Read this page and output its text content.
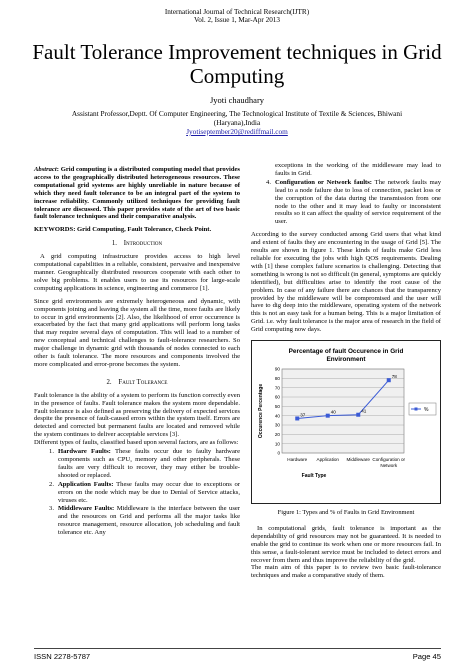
International Journal of Technical Research(IJTR)
Vol. 2, Issue 1, Mar-Apr 2013
Fault Tolerance Improvement techniques in Grid
Computing
Jyoti chaudhary
Assistant Professor,Deptt. Of Computer Engineering, The Technological Institute of Textile & Sciences, Bhiwani (Haryana),India
Jyotiseptember20@rediffmail.com

Abstract: Grid computing is a distributed computing model that provides access to the geographically distributed heterogeneous resources. These computational grid systems are highly unreliable in nature because of which they need fault tolerance to be an integral part of the system to increase reliability. Commonly utilized techniques for providing fault tolerance are discussed. This paper provides state of the art of two basic fault tolerance techniques and their comparative analysis.

KEYWORDS: Grid Computing, Fault Tolerance, Check Point.

1. Introduction

A grid computing infrastructure provides access to high level computational capabilities in a reliable, consistent, pervasive and inexpensive manner. Geographically distributed resources cooperate with each other to solve big problems. It enables users to use its resources for large-scale computing applications in science, engineering and commerce [1].

Since grid environments are extremely heterogeneous and dynamic, with components joining and leaving the system all the time, more faults are likely to occur in grid environments [2]. Also, the likelihood of error occurrence is exacerbated by the fact that many grid applications will perform long tasks that may require several days of computation. This will lead to a number of new conceptual and technical challenges to fault-tolerance researchers. So major challenge in dynamic grid with thousands of nodes connected to each other is fault tolerance. The more resources and components involved the more complicated and error-prone becomes the system.

2. Fault Tolerance

Fault tolerance is the ability of a system to perform its function correctly even in the presence of faults. Fault tolerance makes the system more dependable. Fault tolerance is also defined as preserving the delivery of expected services despite the presence of fault-caused errors within the system itself. Errors are detected and corrected but permanent faults are located and removed while the system continues to deliver acceptable services [3].

Different types of faults, classified based upon several factors, are as follows:

1. Hardware Faults: These faults occur due to faulty hardware components such as CPU, memory and other peripherals. These faults are very difficult to recover, they may either be trouble-shooted or replaced.
2. Application Faults: These faults may occur due to exceptions or errors on the node which may be due to Denial of Service attacks, viruses etc.
3. Middleware Faults: Middleware is the interface between the user and the resources on Grid and performs all the major tasks like resource management, resource allocation, job scheduling and fault tolerance etc. Any
exceptions in the working of the middleware may lead to faults in Grid.
4. Configuration or Network faults: The network faults may lead to a node failure due to loss of connection, packet loss or the corruption of the data during the transmission from one node to the other and it may lead to faulty or inconsistent results so it can affect the quality of service requirement of the user.

According to the survey conducted among Grid users that what kind and extent of faults they are encountering in the usage of Grid [5]. The results are shown in figure 1. These kinds of faults make Grid less reliable for executing the jobs with high QOS requirements. Dealing with [1] these complex failure scenarios is challenging. Detecting that something is wrong is not so difficult (in general, symptoms are quickly identified), but difficulties arise to identify the root cause of the problem. In case of any failure there are chances that the transparency provided by the middleware will be compromised and the user will have to dig deep into the middleware, operating system of the network this is not an easy task for a human being. This is a major limitation of Grid. i.e. why fault tolerance is the major area of research in the field of Grid computing now days.

Percentage of fault Occurence in Grid
Environment
0
10
20
30
40
50
60
70
80
90
Occurence Percentage
Hardware Application Middleware Configuration or
Network
Fault Type
37
40	41
78
%
Figure 1: Types and % of Faults in Grid Environment

In computational grids, fault tolerance is important as the dependability of grid resources may not be guaranteed. It is needed to enable the grid to continue its work when one or more resources fail. In this sense, a fault-tolerant service must be included to detect errors and recover from them and thus improve the reliability of the grid.

The main aim of this paper is to review two basic fault-tolerance techniques and make a comparative study of them.

ISSN 2278-5787	Page 45
